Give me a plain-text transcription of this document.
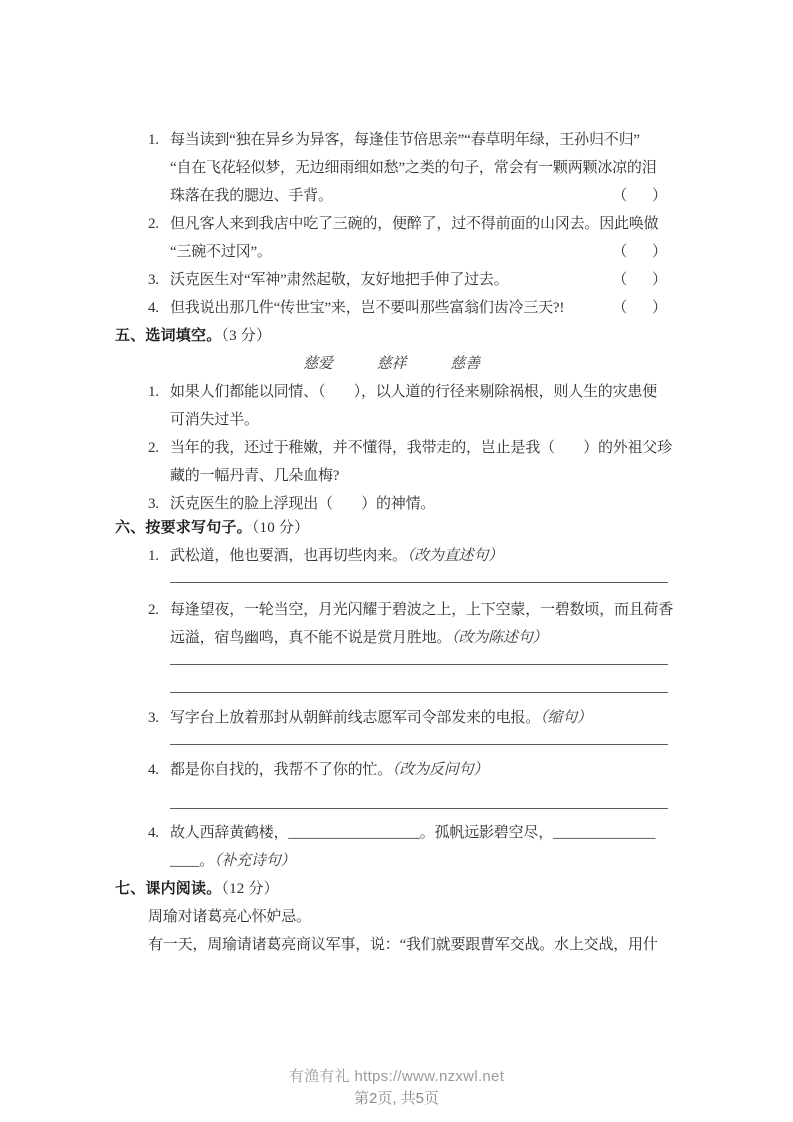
1. 每当读到“独在异乡为异客，每逢佳节倍思亲”“春草明年绿，王孙归不归”
“自在飞花轻似梦，无边细雨细如愁”之类的句子，常会有一颗两颗冰凉的泪
珠落在我的腮边、手背。	（     ）
2. 但凡客人来到我店中吃了三碗的，便醉了，过不得前面的山冈去。因此唤做
“三碗不过冈”。	（     ）
3. 沃克医生对“军神”肃然起敬，友好地把手伸了过去。	（     ）
4. 但我说出那几件“传世宝”来，岂不要叫那些富翁们齿冷三天?!	（     ）
五、选词填空。（3 分）
慈爱	慈祥	慈善
1. 如果人们都能以同情、（        ），以人道的行径来剔除祸根，则人生的灾患便
可消失过半。
2. 当年的我，还过于稚嫩，并不懂得，我带走的，岂止是我（        ）的外祖父珍
藏的一幅丹青、几朵血梅?
3. 沃克医生的脸上浮现出（        ）的神情。
六、按要求写句子。（10 分）
1. 武松道，他也要酒，也再切些肉来。（改为直述句）
2. 每逢望夜，一轮当空，月光闪耀于碧波之上，上下空蒙，一碧数顷，而且荷香
远溢，宿鸟幽鸣，真不能不说是赏月胜地。（改为陈述句）
3. 写字台上放着那封从朝鲜前线志愿军司令部发来的电报。（缩句）
4. 都是你自找的，我帮不了你的忙。（改为反问句）
4. 故人西辞黄鹤楼，__________________。孤帆远影碧空尽，______________
____。（补充诗句）
七、课内阅读。（12 分）
周瑜对诸葛亮心怀妒忌。
有一天，周瑜请诸葛亮商议军事，说：“我们就要跟曹军交战。水上交战，用什
有渔有礼 https://www.nzxwl.net
第2页, 共5页
